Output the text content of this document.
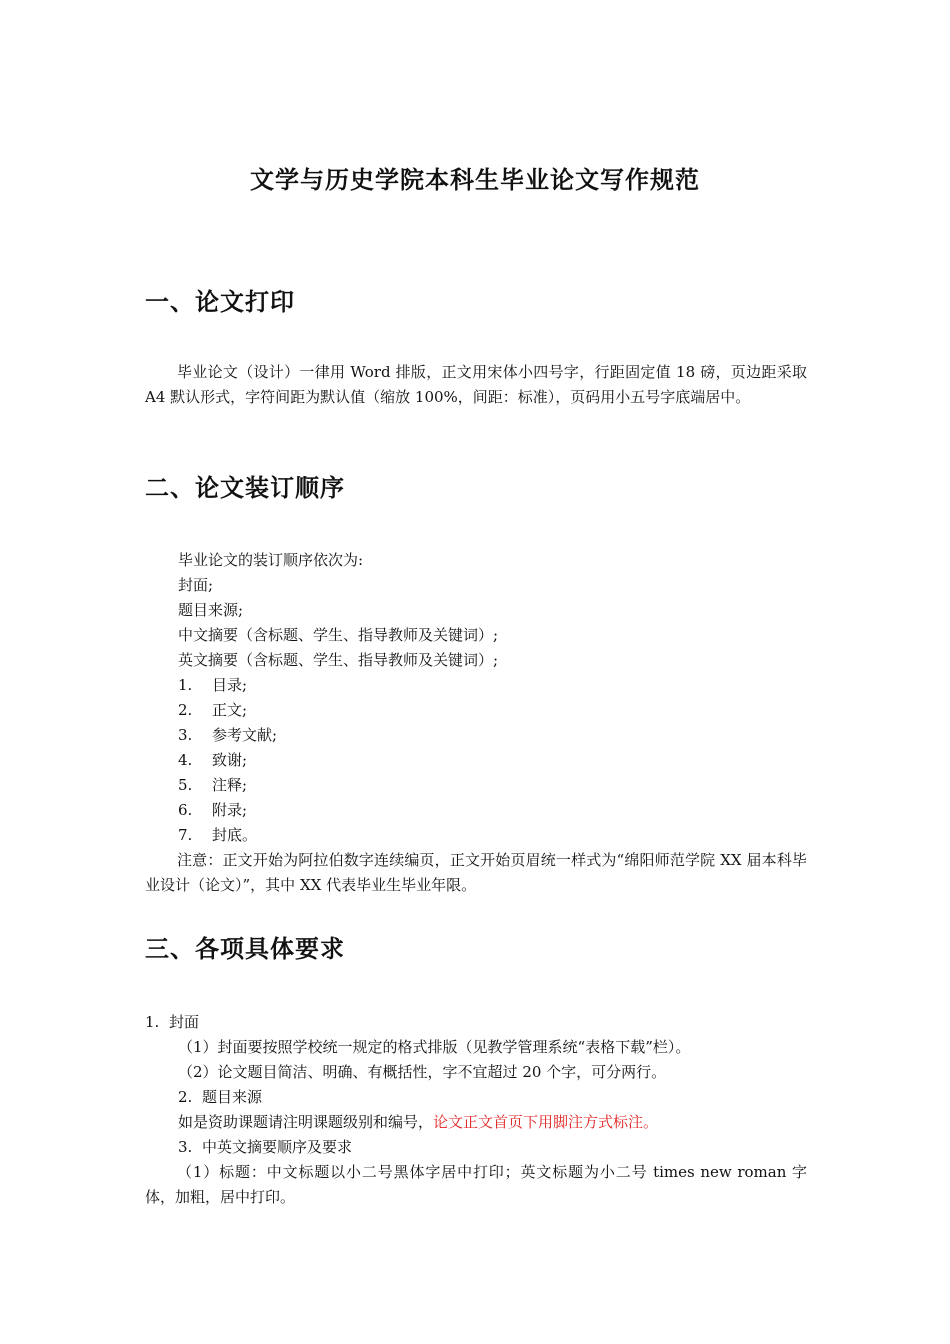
文学与历史学院本科生毕业论文写作规范
一、论文打印
毕业论文（设计）一律用 Word 排版，正文用宋体小四号字，行距固定值 18 磅，页边距采取 A4 默认形式，字符间距为默认值（缩放 100%，间距：标准），页码用小五号字底端居中。
二、论文装订顺序
毕业论文的装订顺序依次为:
封面;
题目来源;
中文摘要（含标题、学生、指导教师及关键词）;
英文摘要（含标题、学生、指导教师及关键词）;
1. 目录;
2. 正文;
3. 参考文献;
4. 致谢;
5. 注释;
6. 附录;
7. 封底。
注意：正文开始为阿拉伯数字连续编页，正文开始页眉统一样式为“绵阳师范学院 XX 届本科毕业设计（论文）”，其中 XX 代表毕业生毕业年限。
三、各项具体要求
1. 封面
（1）封面要按照学校统一规定的格式排版（见教学管理系统“表格下载”栏）。
（2）论文题目简洁、明确、有概括性，字不宜超过 20 个字，可分两行。
2. 题目来源
如是资助课题请注明课题级别和编号，论文正文首页下用脚注方式标注。
3. 中英文摘要顺序及要求
（1）标题：中文标题以小二号黑体字居中打印；英文标题为小二号 times new roman 字体，加粗，居中打印。
